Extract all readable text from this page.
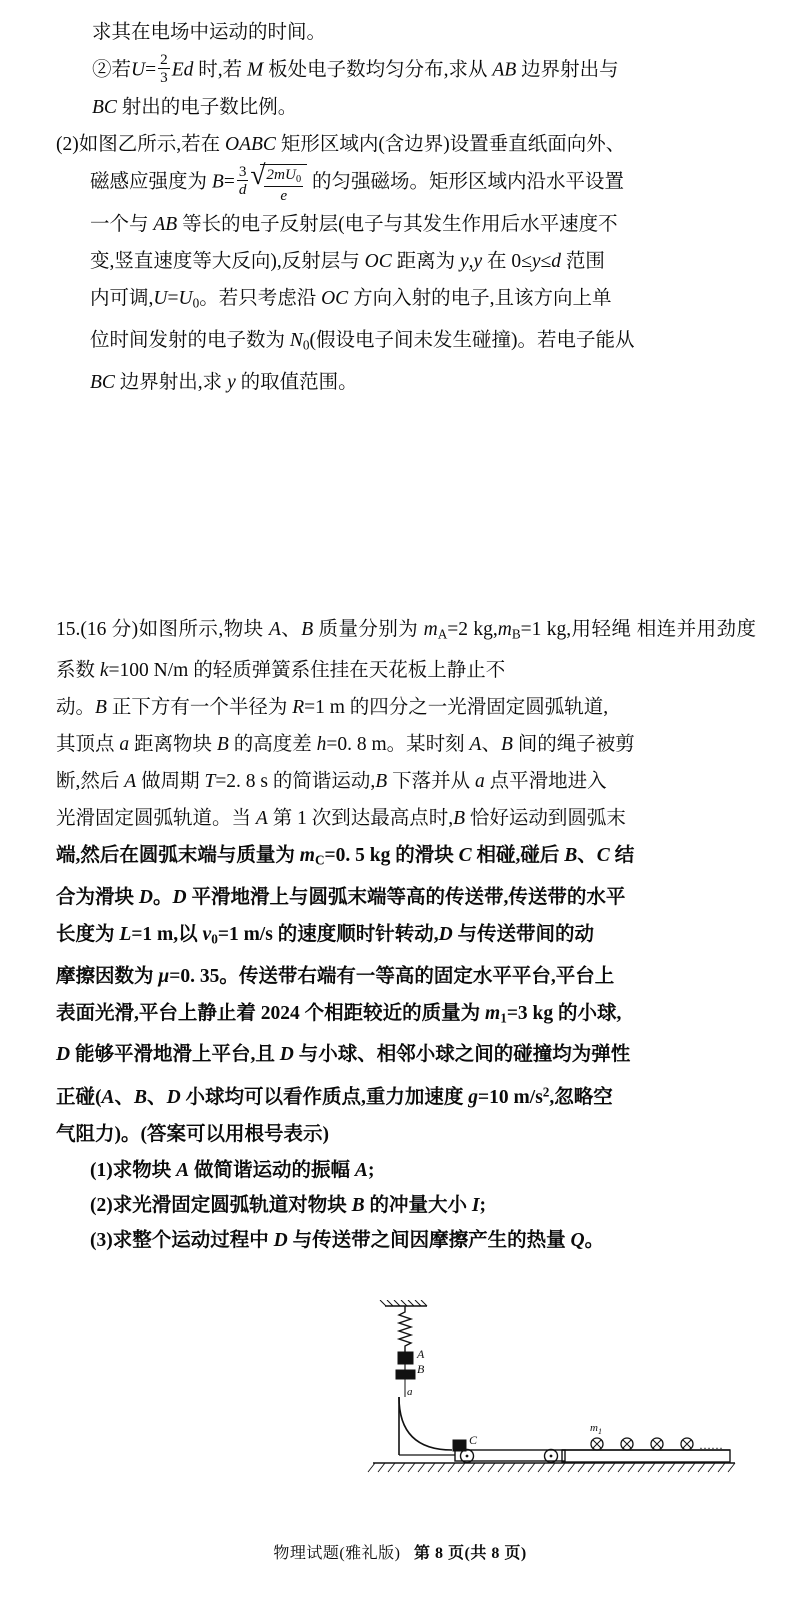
求其在电场中运动的时间。
②若$U= \frac{2}{3}$ Ed 时,若 M 板处电子数均匀分布,求从 AB 边界射出与
BC 射出的电子数比例。
(2)如图乙所示,若在 OABC 矩形区域内(含边界)设置垂直纸面向外、
磁感应强度为 $B= \frac{3}{d}$ √ $\frac{2mU_0}{e}$ 的匀强磁场。矩形区域内沿水平设置
一个与 AB 等长的电子反射层(电子与其发生作用后水平速度不
变,竖直速度等大反向),反射层与 OC 距离为 y,y 在 0≤y≤d 范围
内可调$,U=U_0$。若只考虑沿 OC 方向入射的电子,且该方向上单
位时间发射的电子数为 $N_0$(假设电子间未发生碰撞)。若电子能从
BC 边界射出,求 y 的取值范围。
15.(16 分)如图所示,物块 A、B 质量分别为 $m_A=2$ $kg,m_B=1$ kg,用轻绳 相连并用劲度系数 k=100 N/m 的轻质弹簧系住挂在天花板上静止不
动。B 正下方有一个半径为 R=1 m 的四分之一光滑固定圆弧轨道,
其顶点 a 距离物块 B 的高度差 h=0. 8 m。某时刻 A、B 间的绳子被剪
断,然后 A 做周期 T=2. 8 s 的简谐运动,B 下落并从 a 点平滑地进入
光滑固定圆弧轨道。当 A 第 1 次到达最高点时,B 恰好运动到圆弧末
端,然后在圆弧末端与质量为 $m_C=0$. 5 kg 的滑块 C 相碰,碰后 B、C 结
合为滑块 D。D 平滑地滑上与圆弧末端等高的传送带,传送带的水平
长度为 L=1 m,以 $v_0=1$ m/s 的速度顺时针转动,D 与传送带间的动
摩擦因数为 μ=0. 35。传送带右端有一等高的固定水平平台,平台上
表面光滑,平台上静止着 2024 个相距较近的质量为 $m_1=3$ kg 的小球,
D 能够平滑地滑上平台,且 D 与小球、相邻小球之间的碰撞均为弹性
正碰(A、B、D 小球均可以看作质点,重力加速度 g=10 $m/s^2$,忽略空
气阻力)。(答案可以用根号表示)
(1)求物块 A 做简谐运动的振幅 A;
(2)求光滑固定圆弧轨道对物块 B 的冲量大小 I;
(3)求整个运动过程中 D 与传送带之间因摩擦产生的热量 Q。
A
B
a
C
$m_1$
……
物理试题(雅礼版) 第 8 页(共 8 页)
